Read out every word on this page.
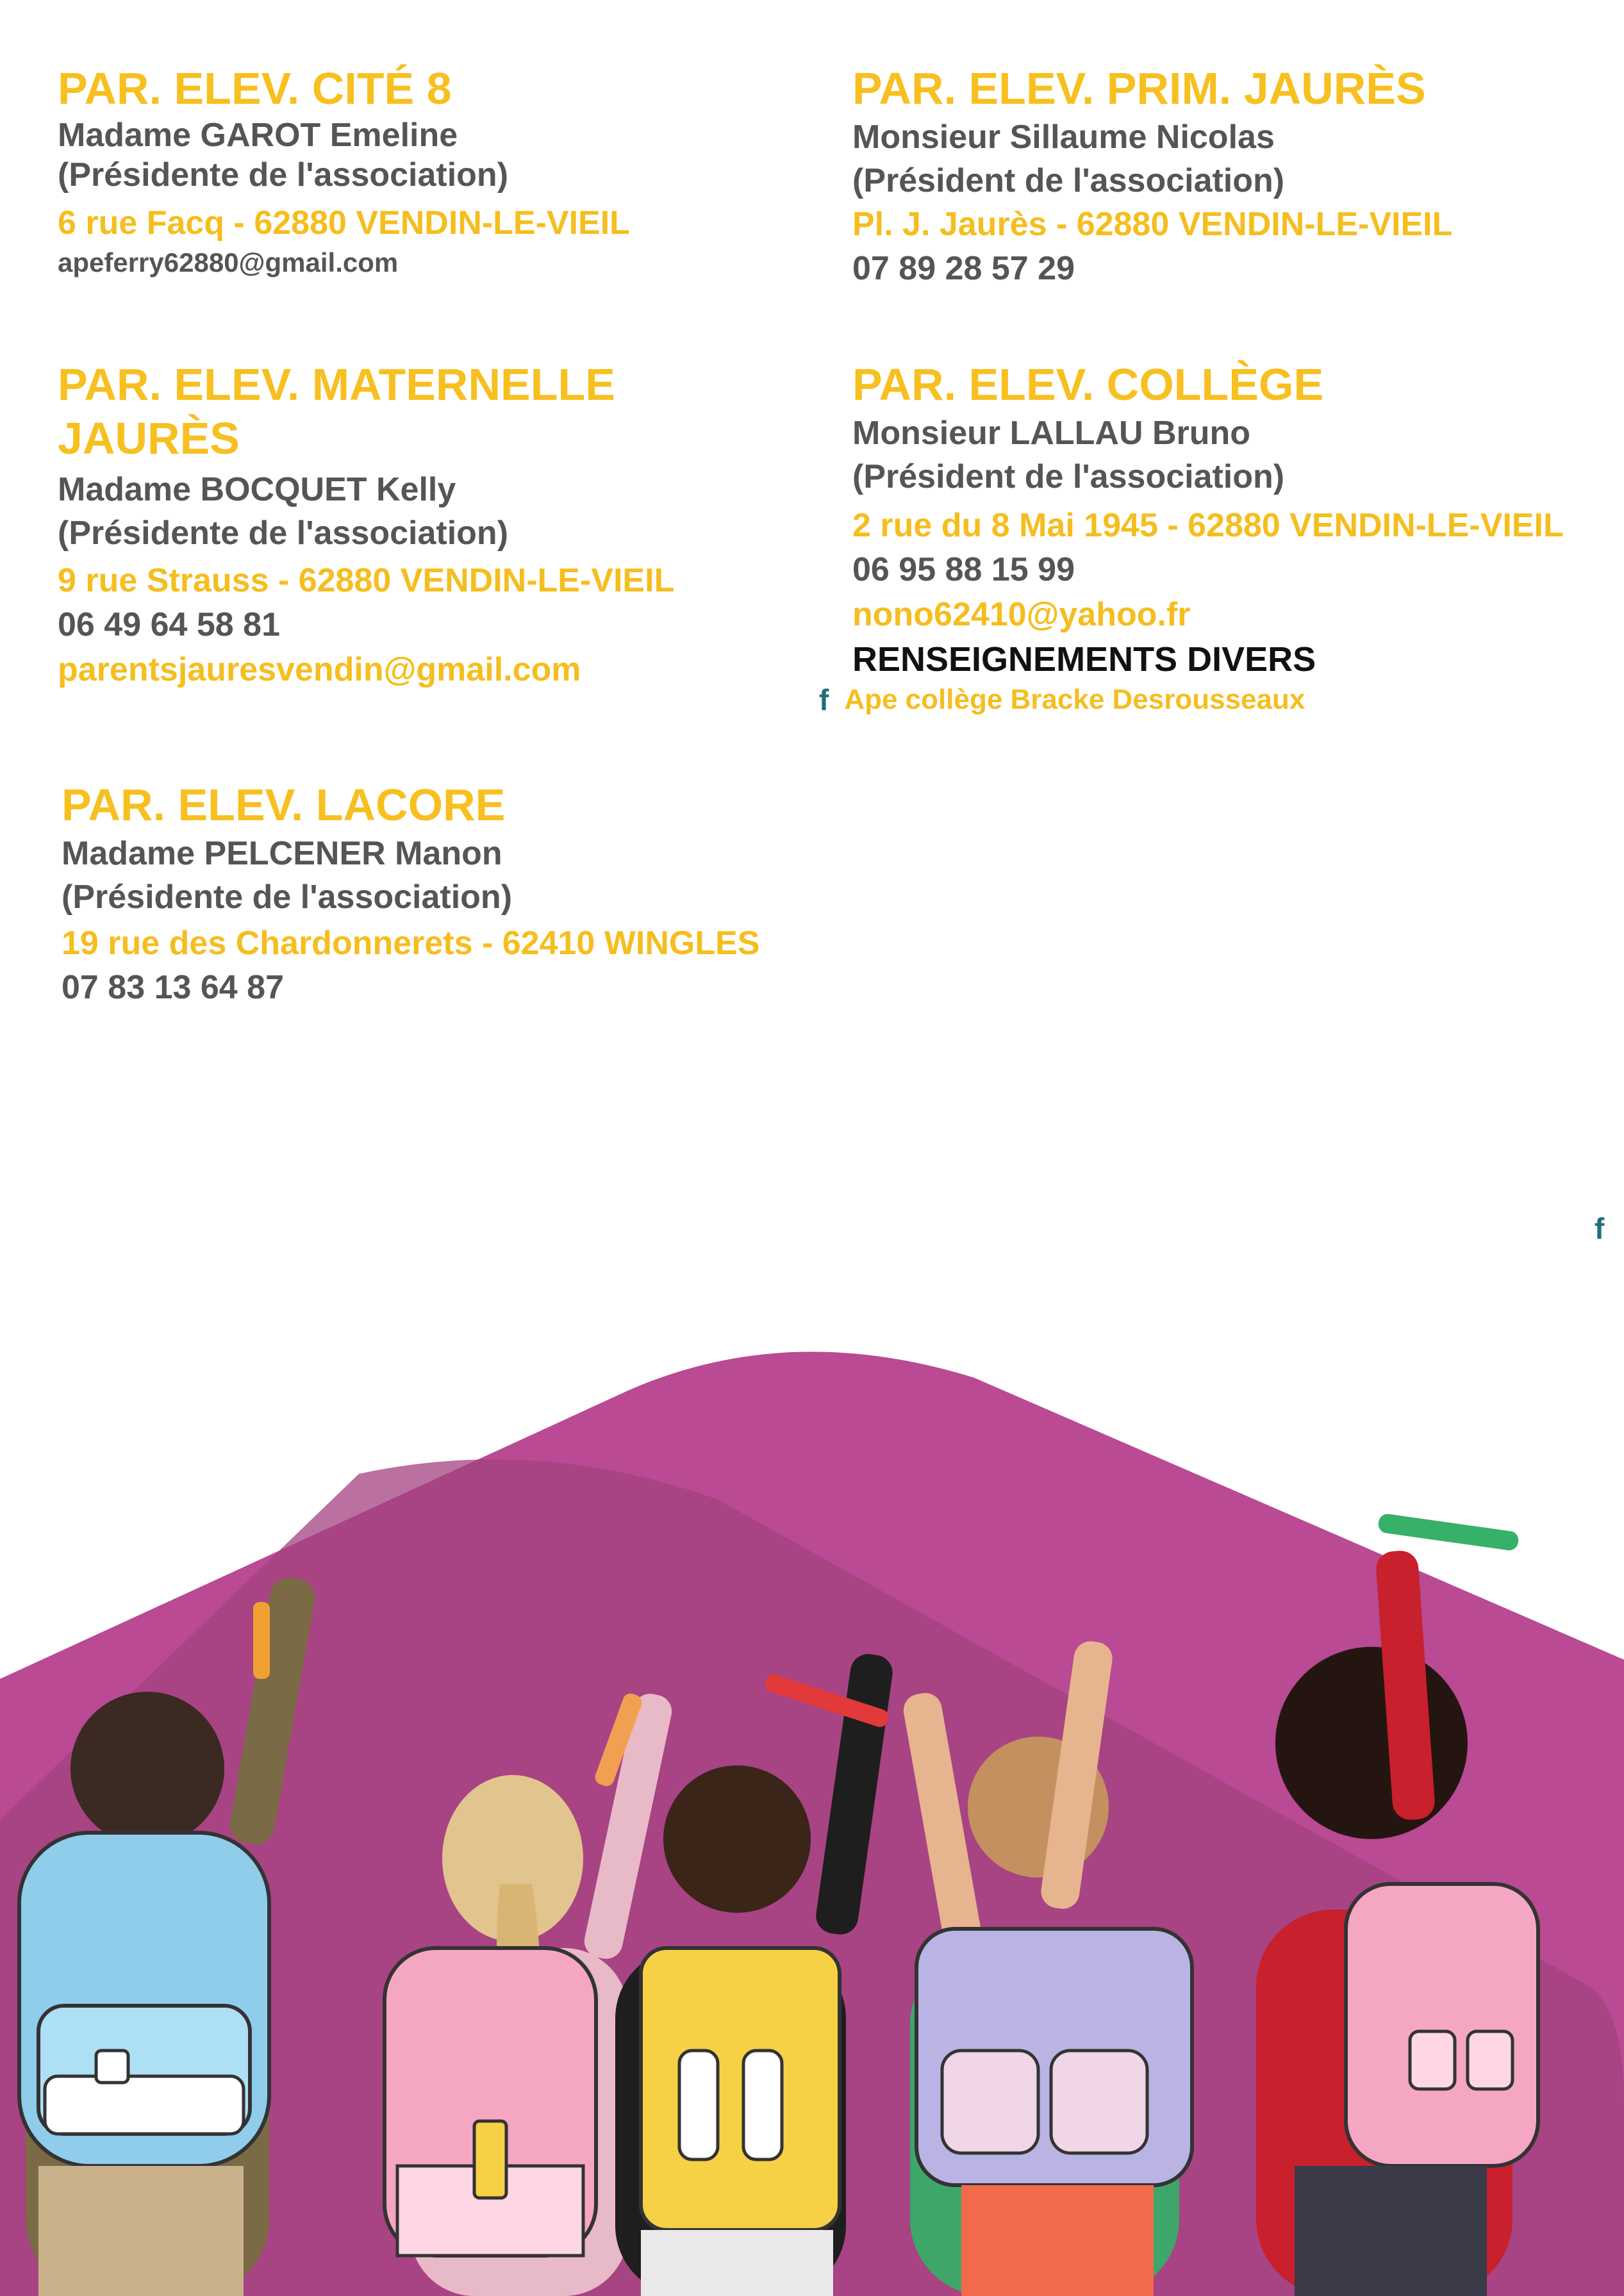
PAR. ELEV. CITÉ 8

Madame GAROT Emeline

(Présidente de l'association)

6 rue Facq - 62880 VENDIN-LE-VIEIL

apeferry62880@gmail.com

PAR. ELEV. PRIM. JAURÈS

Monsieur Sillaume Nicolas

(Président de l'association)

Pl. J. Jaurès - 62880 VENDIN-LE-VIEIL

07 89 28 57 29

PAR. ELEV. MATERNELLE

JAURÈS

Madame BOCQUET Kelly

(Présidente de l'association)

9 rue Strauss - 62880 VENDIN-LE-VIEIL

06 49 64 58 81

parentsjauresvendin@gmail.com

PAR. ELEV. COLLÈGE

Monsieur LALLAU Bruno

(Président de l'association)

2 rue du 8 Mai 1945 - 62880 VENDIN-LE-VIEIL

06 95 88 15 99

nono62410@yahoo.fr

RENSEIGNEMENTS DIVERS

f Ape collège Bracke Desrousseaux

PAR. ELEV. LACORE

Madame PELCENER Manon

(Présidente de l'association)

19 rue des Chardonnerets - 62410 WINGLES

07 83 13 64 87

f
